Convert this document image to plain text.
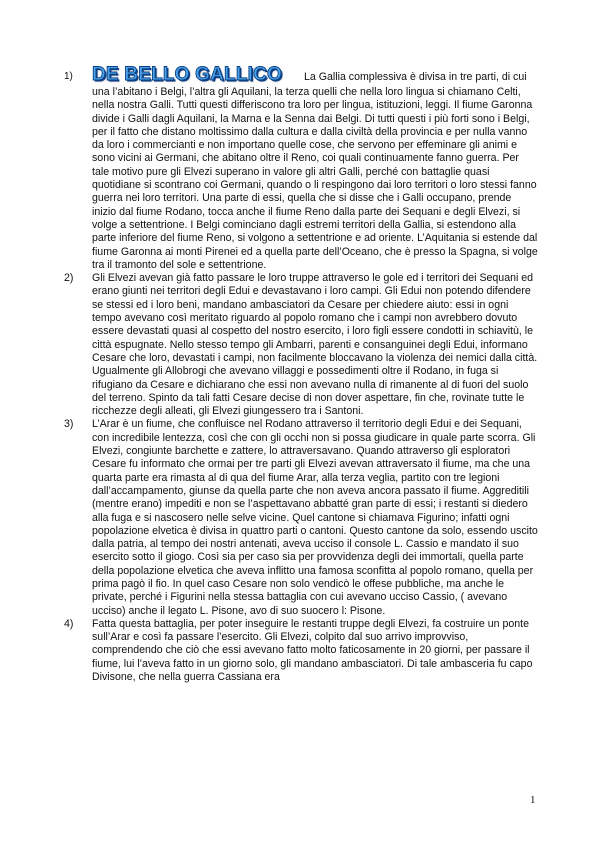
1)	DE BELLO GALLICO La Gallia complessiva è divisa in tre parti, di cui una l’abitano i Belgi, l’altra gli Aquilani, la terza quelli che nella loro lingua si chiamano Celti, nella nostra Galli. Tutti questi differiscono tra loro per lingua, istituzioni, leggi. Il fiume Garonna divide i Galli dagli Aquilani, la Marna e la Senna dai Belgi. Di tutti questi i più forti sono i Belgi, per il fatto che distano moltissimo dalla cultura e dalla civiltà della provincia e per nulla vanno da loro i commercianti e non importano quelle cose, che servono per effeminare gli animi e sono vicini ai Germani, che abitano oltre il Reno, coi quali continuamente fanno guerra. Per tale motivo pure gli Elvezi superano in valore gli altri Galli, perché con battaglie quasi quotidiane si scontrano coi Germani, quando o li respingono dai loro territori o loro stessi fanno guerra nei loro territori. Una parte di essi, quella che si disse che i Galli occupano, prende inizio dal fiume Rodano, tocca anche il fiume Reno dalla parte dei Sequani e degli Elvezi, si volge a settentrione. I Belgi cominciano dagli estremi territori della Gallia, si estendono alla parte inferiore del fiume Reno, si volgono a settentrione e ad oriente. L’Aquitania si estende dal fiume Garonna ai monti Pirenei ed a quella parte dell’Oceano, che è presso la Spagna, si volge tra il tramonto del sole e settentrione.
2)	Gli Elvezi avevan già fatto passare le loro truppe attraverso le gole ed i territori dei Sequani ed erano giunti nei territori degli Edui e devastavano i loro campi. Gli Edui non potendo difendere se stessi ed i loro beni, mandano ambasciatori da Cesare per chiedere aiuto: essi in ogni tempo avevano così meritato riguardo al popolo romano che i campi non avrebbero dovuto essere devastati quasi al cospetto del nostro esercito, i loro figli essere condotti in schiavitù, le città espugnate. Nello stesso tempo gli Ambarri, parenti e consanguinei degli Edui, informano Cesare che loro, devastati i campi, non facilmente bloccavano la violenza dei nemici dalla città. Ugualmente gli Allobrogi che avevano villaggi e possedimenti oltre il Rodano, in fuga si rifugiano da Cesare e dichiarano che essi non avevano nulla di rimanente al di fuori del suolo del terreno. Spinto da tali fatti Cesare decise di non dover aspettare, fin che, rovinate tutte le ricchezze degli alleati, gli Elvezi giungessero tra i Santoni.
3)	L’Arar è un fiume, che confluisce nel Rodano attraverso il territorio degli Edui e dei Sequani, con incredibile lentezza, così che con gli occhi non si possa giudicare in quale parte scorra. Gli Elvezi, congiunte barchette e zattere, lo attraversavano. Quando attraverso gli esploratori Cesare fu informato che ormai per tre parti gli Elvezi avevan attraversato il fiume, ma che una quarta parte era rimasta al di qua del fiume Arar, alla terza veglia, partito con tre legioni dall’accampamento, giunse da quella parte che non aveva ancora passato il fiume. Aggreditili (mentre erano) impediti e non se l’aspettavano abbatté gran parte di essi; i restanti si diedero alla fuga e si nascosero nelle selve vicine. Quel cantone si chiamava Figurino; infatti ogni popolazione elvetica è divisa in quattro parti o cantoni. Questo cantone da solo, essendo uscito dalla patria, al tempo dei nostri antenati, aveva ucciso il console L. Cassio e mandato il suo esercito sotto il giogo. Così sia per caso sia per provvidenza degli dei immortali, quella parte della popolazione elvetica che aveva inflitto una famosa sconfitta al popolo romano, quella per prima pagò il fio. In quel caso Cesare non solo vendicò le offese pubbliche, ma anche le private, perché i Figurini nella stessa battaglia con cui avevano ucciso Cassio, ( avevano ucciso) anche il legato L. Pisone, avo di suo suocero l: Pisone.
4)	Fatta questa battaglia, per poter inseguire le restanti truppe degli Elvezi, fa costruire un ponte sull’Arar e così fa passare l’esercito. Gli Elvezi, colpito dal suo arrivo improvviso, comprendendo che ciò che essi avevano fatto molto faticosamente in 20 giorni, per passare il fiume, lui l’aveva fatto in un giorno solo, gli mandano ambasciatori. Di tale ambasceria fu capo Divisone, che nella guerra Cassiana era
1
